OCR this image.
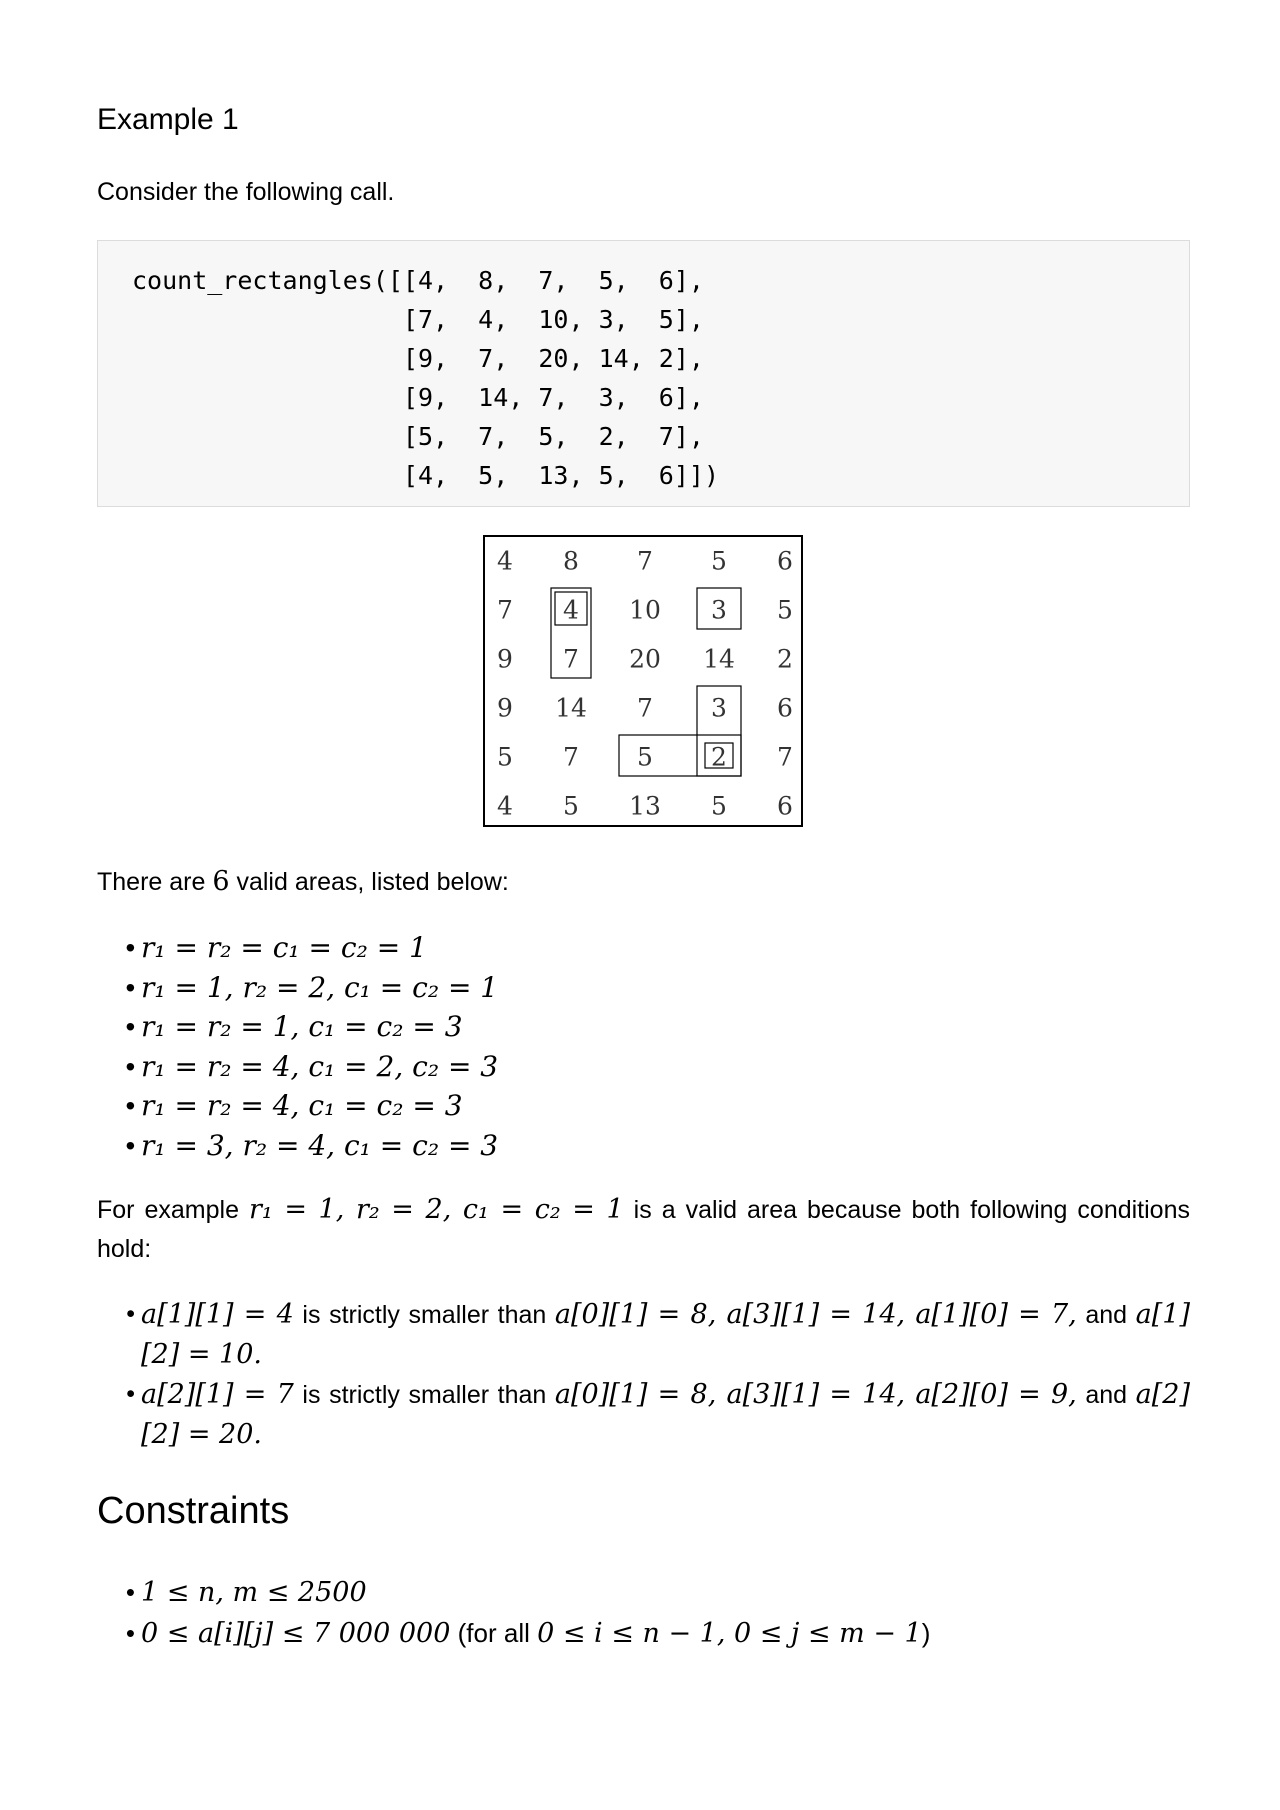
Example 1
Consider the following call.
count_rectangles([[4,  8,  7,  5,  6],
[7,  4,  10, 3,  5],
[9,  7,  20, 14, 2],
[9,  14, 7,  3,  6],
[5,  7,  5,  2,  7],
[4,  5,  13, 5,  6]])
4 8 7 5 6
7 4 10 3 5
9 7 20 14 2
9 14 7 3 6
5 7 5 2 7
4 5 13 5 6
There are 6 valid areas, listed below:
• r₁ = r₂ = c₁ = c₂ = 1
• r₁ = 1, r₂ = 2, c₁ = c₂ = 1
• r₁ = r₂ = 1, c₁ = c₂ = 3
• r₁ = r₂ = 4, c₁ = 2, c₂ = 3
• r₁ = r₂ = 4, c₁ = c₂ = 3
• r₁ = 3, r₂ = 4, c₁ = c₂ = 3
For example r₁ = 1, r₂ = 2, c₁ = c₂ = 1 is a valid area because both following conditions hold:
• a[1][1] = 4 is strictly smaller than a[0][1] = 8, a[3][1] = 14, a[1][0] = 7, and a[1][2] = 10.
• a[2][1] = 7 is strictly smaller than a[0][1] = 8, a[3][1] = 14, a[2][0] = 9, and a[2][2] = 20.
Constraints
• 1 ≤ n, m ≤ 2500
• 0 ≤ a[i][j] ≤ 7 000 000 (for all 0 ≤ i ≤ n − 1, 0 ≤ j ≤ m − 1)
